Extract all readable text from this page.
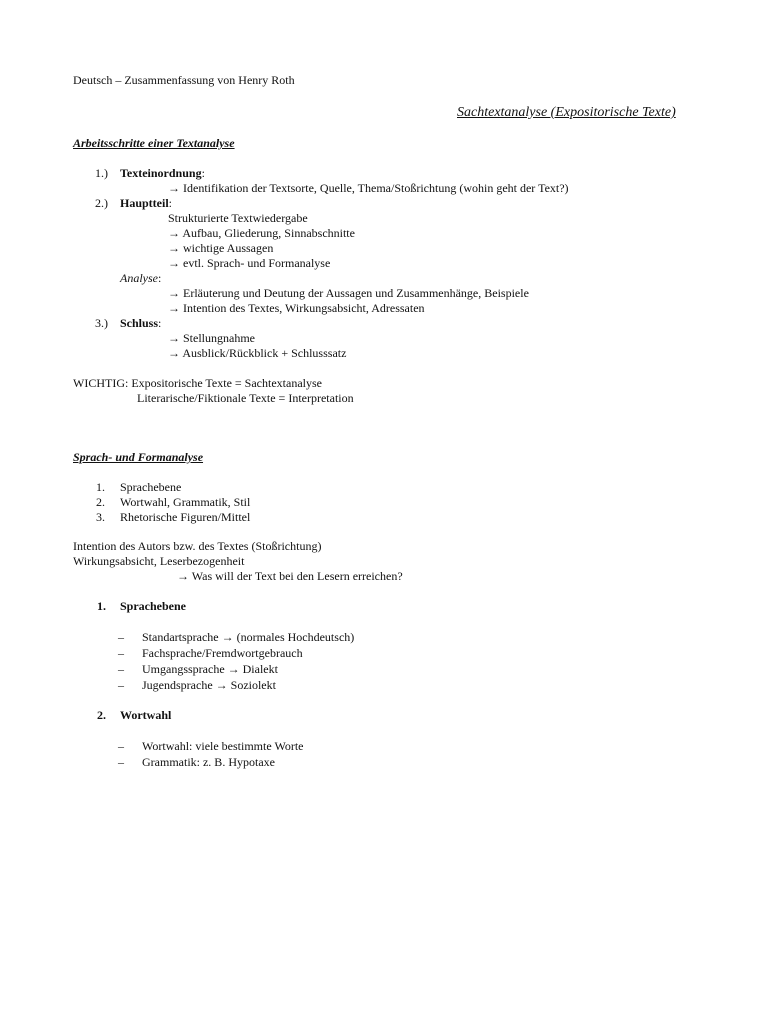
Deutsch – Zusammenfassung von Henry Roth
Sachtextanalyse (Expositorische Texte)
Arbeitsschritte einer Textanalyse
1.) Texteinordnung:
→ Identifikation der Textsorte, Quelle, Thema/Stoßrichtung (wohin geht der Text?)
2.) Hauptteil:
Strukturierte Textwiedergabe
→ Aufbau, Gliederung, Sinnabschnitte
→ wichtige Aussagen
→ evtl. Sprach- und Formanalyse
Analyse:
→ Erläuterung und Deutung der Aussagen und Zusammenhänge, Beispiele
→ Intention des Textes, Wirkungsabsicht, Adressaten
3.) Schluss:
→ Stellungnahme
→ Ausblick/Rückblick + Schlusssatz
WICHTIG: Expositorische Texte = Sachtextanalyse
Literarische/Fiktionale Texte = Interpretation
Sprach- und Formanalyse
1. Sprachebene
2. Wortwahl, Grammatik, Stil
3. Rhetorische Figuren/Mittel
Intention des Autors bzw. des Textes (Stoßrichtung)
Wirkungsabsicht, Leserbezogenheit
→ Was will der Text bei den Lesern erreichen?
1. Sprachebene
– Standartsprache → (normales Hochdeutsch)
– Fachsprache/Fremdwortgebrauch
– Umgangssprache → Dialekt
– Jugendsprache → Soziolekt
2. Wortwahl
– Wortwahl: viele bestimmte Worte
– Grammatik: z. B. Hypotaxe
